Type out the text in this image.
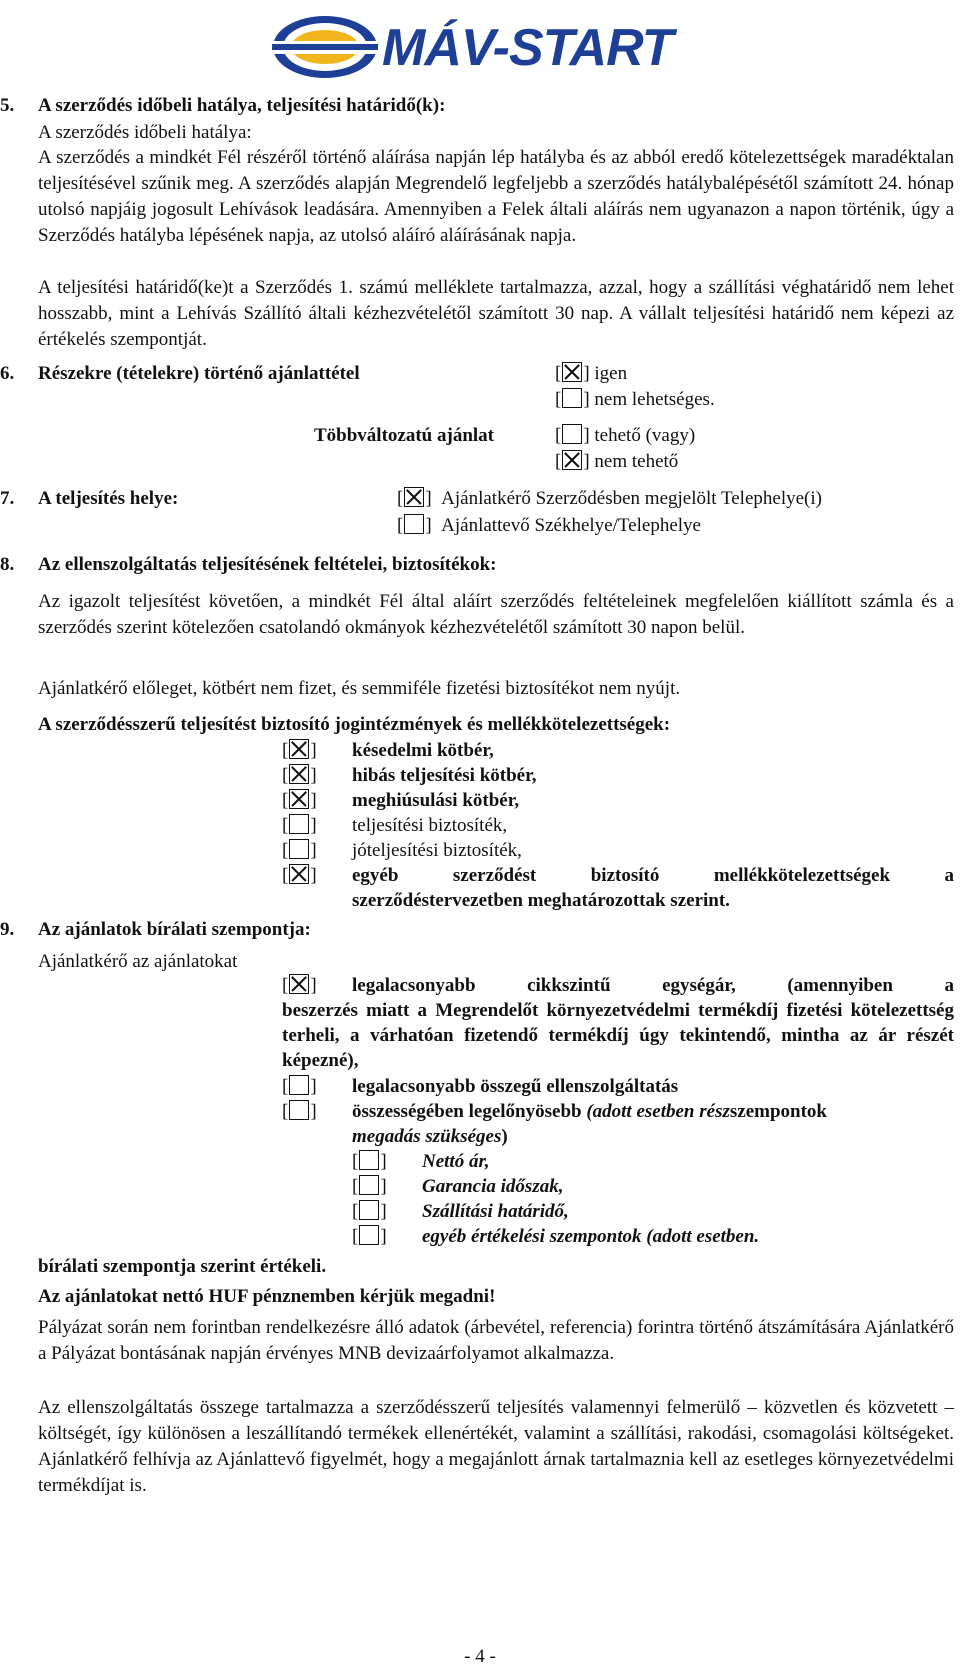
MÁV-START
5. A szerződés időbeli hatálya, teljesítési határidő(k):
A szerződés időbeli hatálya:
A szerződés a mindkét Fél részéről történő aláírása napján lép hatályba és az abból eredő kötelezettségek maradéktalan teljesítésével szűnik meg. A szerződés alapján Megrendelő legfeljebb a szerződés hatálybalépésétől számított 24. hónap utolsó napjáig jogosult Lehívások leadására. Amennyiben a Felek általi aláírás nem ugyanazon a napon történik, úgy a Szerződés hatályba lépésének napja, az utolsó aláíró aláírásának napja.
A teljesítési határidő(ke)t a Szerződés 1. számú melléklete tartalmazza, azzal, hogy a szállítási véghatáridő nem lehet hosszabb, mint a Lehívás Szállító általi kézhezvételétől számított 30 nap. A vállalt teljesítési határidő nem képezi az értékelés szempontját.
6. Részekre (tételekre) történő ajánlattétel	[ ] igen
[ ] nem lehetséges.
Többváltozatú ajánlat	[ ] tehető (vagy)
[ ] nem tehető
7. A teljesítés helye:	[ ]  Ajánlatkérő Szerződésben megjelölt Telephelye(i)
[ ]  Ajánlattevő Székhelye/Telephelye
8. Az ellenszolgáltatás teljesítésének feltételei, biztosítékok:
Az igazolt teljesítést követően, a mindkét Fél által aláírt szerződés feltételeinek megfelelően kiállított számla és a szerződés szerint kötelezően csatolandó okmányok kézhezvételétől számított 30 napon belül.
Ajánlatkérő előleget, kötbért nem fizet, és semmiféle fizetési biztosítékot nem nyújt.
A szerződésszerű teljesítést biztosító jogintézmények és mellékkötelezettségek:
[ ] késedelmi kötbér,
[ ] hibás teljesítési kötbér,
[ ] meghiúsulási kötbér,
[ ] teljesítési biztosíték,
[ ] jóteljesítési biztosíték,
[ ] egyéb szerződést biztosító mellékkötelezettségek a
szerződéstervezetben meghatározottak szerint.
9. Az ajánlatok bírálati szempontja:
Ajánlatkérő az ajánlatokat
[ ] legalacsonyabb cikkszintű egységár, (amennyiben a
beszerzés miatt a Megrendelőt környezetvédelmi termékdíj fizetési kötelezettség terheli, a várhatóan fizetendő termékdíj úgy tekintendő, mintha az ár részét képezné),
[ ] legalacsonyabb összegű ellenszolgáltatás
[ ] összességében legelőnyösebb (adott esetben részszempontok
megadás szükséges)
[ ] Nettó ár,
[ ] Garancia időszak,
[ ] Szállítási határidő,
[ ] egyéb értékelési szempontok (adott esetben.
bírálati szempontja szerint értékeli.
Az ajánlatokat nettó HUF pénznemben kérjük megadni!
Pályázat során nem forintban rendelkezésre álló adatok (árbevétel, referencia) forintra történő átszámítására Ajánlatkérő a Pályázat bontásának napján érvényes MNB devizaárfolyamot alkalmazza.
Az ellenszolgáltatás összege tartalmazza a szerződésszerű teljesítés valamennyi felmerülő – közvetlen és közvetett – költségét, így különösen a leszállítandó termékek ellenértékét, valamint a szállítási, rakodási, csomagolási költségeket. Ajánlatkérő felhívja az Ajánlattevő figyelmét, hogy a megajánlott árnak tartalmaznia kell az esetleges környezetvédelmi termékdíjat is.
- 4 -
